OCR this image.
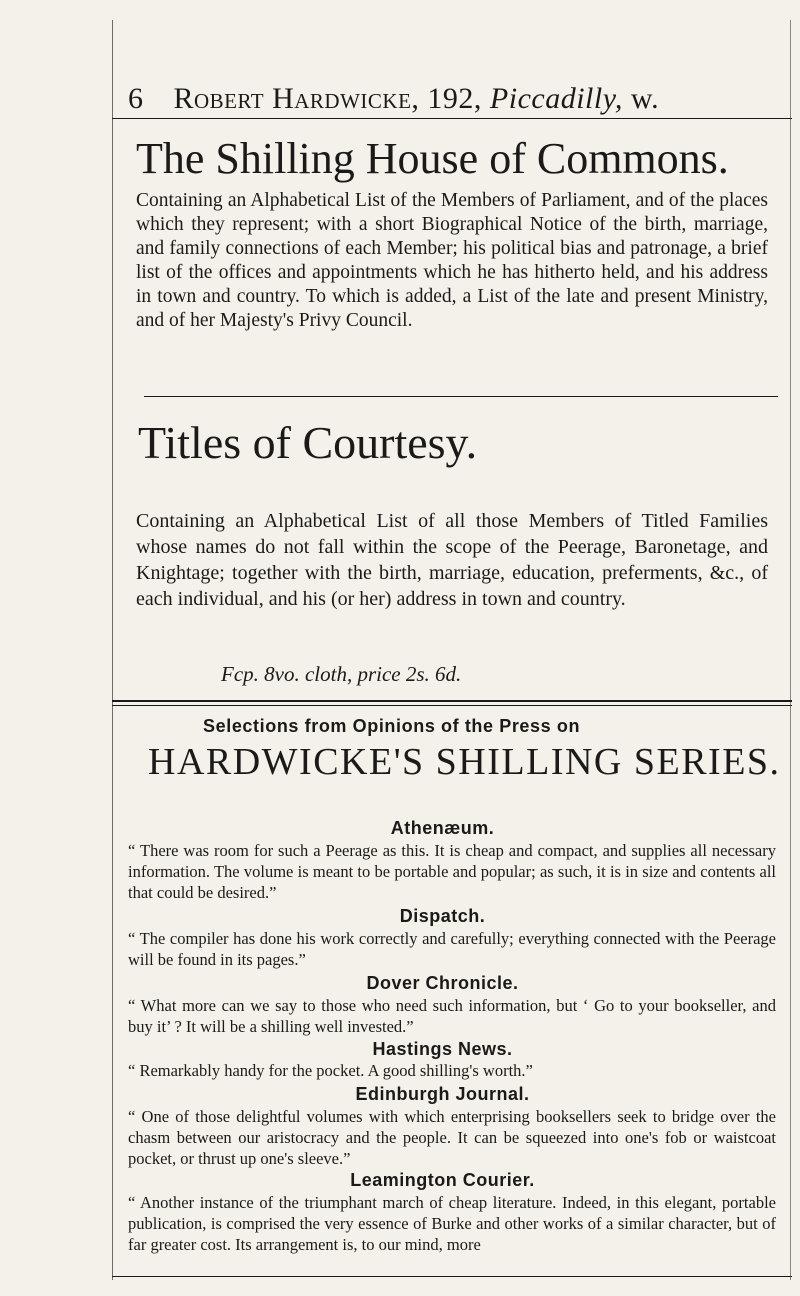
6 Robert Hardwicke, 192, Piccadilly, w.
The Shilling House of Commons.
Containing an Alphabetical List of the Members of Parliament, and of the places which they represent; with a short Biographical Notice of the birth, marriage, and family connections of each Member; his political bias and patronage, a brief list of the offices and appointments which he has hitherto held, and his address in town and country. To which is added, a List of the late and present Ministry, and of her Majesty's Privy Council.
Titles of Courtesy.
Containing an Alphabetical List of all those Members of Titled Families whose names do not fall within the scope of the Peerage, Baronetage, and Knightage; together with the birth, marriage, education, preferments, &c., of each individual, and his (or her) address in town and country.
Fcp. 8vo. cloth, price 2s. 6d.
Selections from Opinions of the Press on
HARDWICKE'S SHILLING SERIES.
Athenæum.
“ There was room for such a Peerage as this. It is cheap and compact, and supplies all necessary information. The volume is meant to be portable and popular; as such, it is in size and contents all that could be desired.”
Dispatch.
“ The compiler has done his work correctly and carefully; everything connected with the Peerage will be found in its pages.”
Dover Chronicle.
“ What more can we say to those who need such information, but ‘ Go to your bookseller, and buy it’ ? It will be a shilling well invested.”
Hastings News.
“ Remarkably handy for the pocket. A good shilling's worth.”
Edinburgh Journal.
“ One of those delightful volumes with which enterprising booksellers seek to bridge over the chasm between our aristocracy and the people. It can be squeezed into one's fob or waistcoat pocket, or thrust up one's sleeve.”
Leamington Courier.
“ Another instance of the triumphant march of cheap literature. Indeed, in this elegant, portable publication, is comprised the very essence of Burke and other works of a similar character, but of far greater cost. Its arrangement is, to our mind, more
